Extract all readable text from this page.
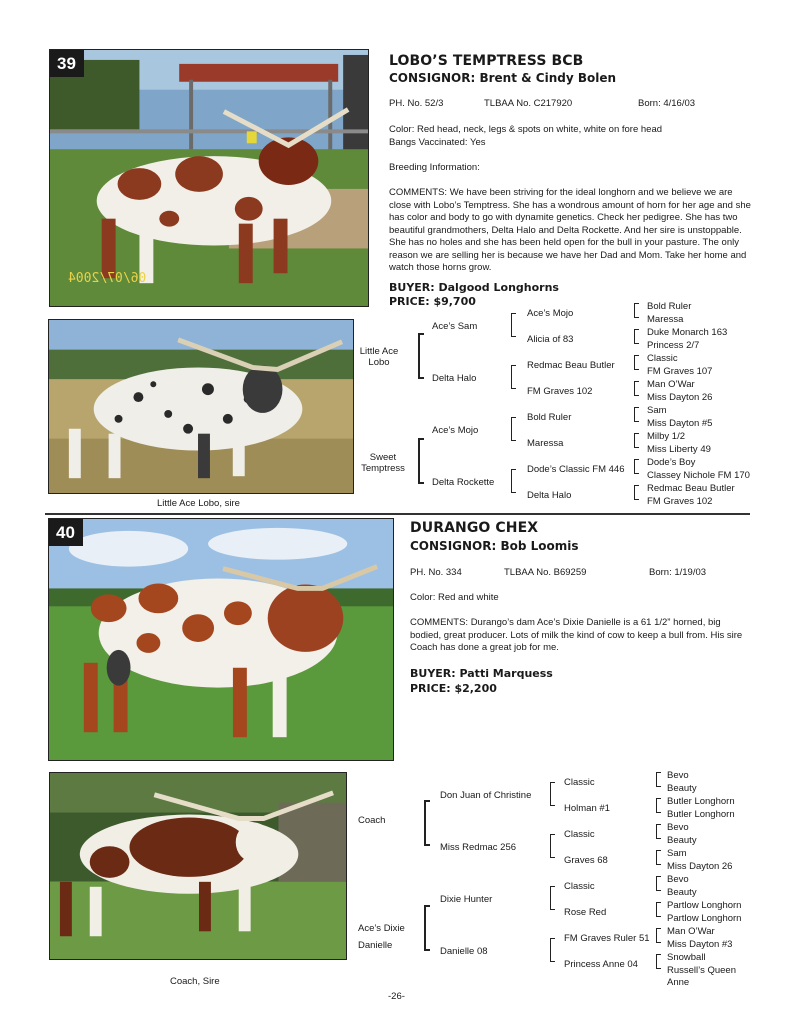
39
06/07/2004
LOBO’S TEMPTRESS BCB
CONSIGNOR: Brent & Cindy Bolen
PH. No. 52/3	TLBAA No. C217920	Born: 4/16/03
Color: Red head, neck, legs & spots on white, white on fore head
Bangs Vaccinated: Yes
Breeding Information:
COMMENTS: We have been striving for the ideal longhorn and we believe we are close with Lobo’s Temptress. She has a wondrous amount of horn for her age and she has color and body to go with dynamite genetics. Check her pedigree. She has two beautiful grandmothers, Delta Halo and Delta Rockette. And her sire is unstoppable. She has no holes and she has been held open for the bull in your pasture. The only reason we are selling her is because we have her Dad and Mom. Take her home and watch those horns grow.
BUYER: Dalgood Longhorns
PRICE: $9,700
Little Ace Lobo, sire
Little Ace
Lobo
Sweet
Temptress
Ace’s Sam
Delta Halo
Ace’s Mojo
Delta Rockette
Ace’s Mojo
Alicia of 83
Redmac Beau Butler
FM Graves 102
Bold Ruler
Maressa
Dode’s Classic FM 446
Delta Halo
Bold Ruler
Maressa
Duke Monarch 163
Princess 2/7
Classic
FM Graves 107
Man O’War
Miss Dayton 26
Sam
Miss Dayton #5
Milby 1/2
Miss Liberty 49
Dode’s Boy
Classey Nichole FM 170
Redmac Beau Butler
FM Graves 102
40	DURANGO CHEX
CONSIGNOR: Bob Loomis
PH. No. 334	TLBAA No. B69259	Born: 1/19/03
Color: Red and white
COMMENTS: Durango’s dam Ace’s Dixie Danielle is a 61 1/2” horned, big bodied, great producer. Lots of milk the kind of cow to keep a bull from. His sire Coach has done a great job for me.
BUYER: Patti Marquess
PRICE: $2,200
Coach, Sire
Coach
Ace’s Dixie
Danielle
Don Juan of Christine
Miss Redmac 256
Dixie Hunter
Danielle 08
Classic
Holman #1
Classic
Graves 68
Classic
Rose Red
FM Graves Ruler 51
Princess Anne 04
Bevo
Beauty
Butler Longhorn
Butler Longhorn
Bevo
Beauty
Sam
Miss Dayton 26
Bevo
Beauty
Partlow Longhorn
Partlow Longhorn
Man O’War
Miss Dayton #3
Snowball
Russell’s Queen
Anne
-26-
